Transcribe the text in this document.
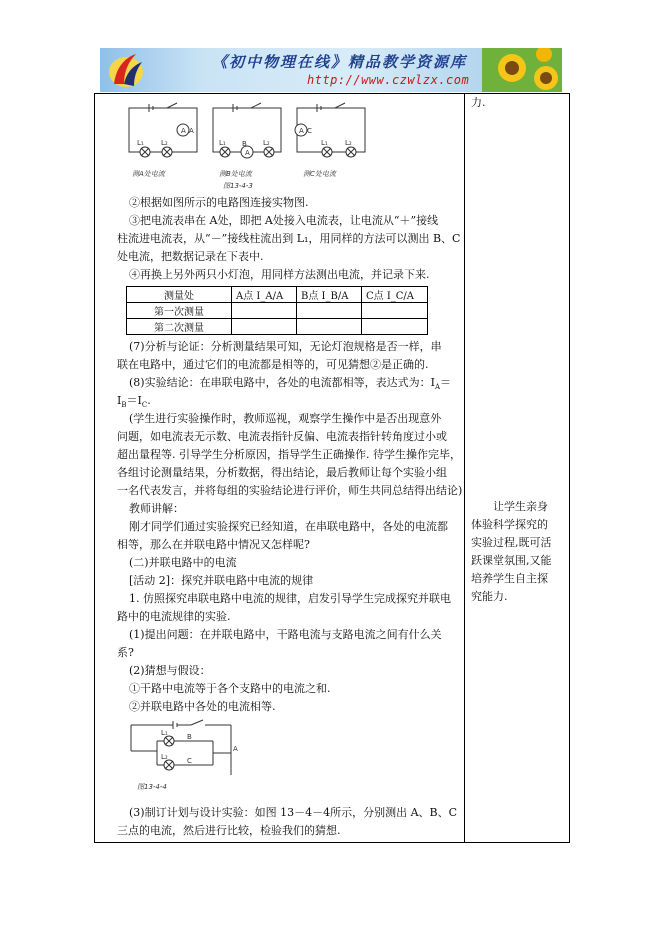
《初中物理在线》精品教学资源库
http://www.czwlzx.com
A
A
A
A
B
C
L₁ L₂	L₁	L₂	L₁ L₂
测A处电流	测B处电流	测C处电流
图13-4-3
②根据如图所示的电路图连接实物图.
③把电流表串在 A处，即把 A处接入电流表，让电流从“＋”接线
柱流进电流表，从“－”接线柱流出到 L₁，用同样的方法可以测出 B、C
处电流，把数据记录在下表中.
④再换上另外两只小灯泡，用同样方法测出电流，并记录下来.
测量处	A点 I_A/A	B点 I_B/A	C点 I_C/A
第一次测量			
第二次测量			
(7)分析与论证：分析测量结果可知，无论灯泡规格是否一样，串
联在电路中，通过它们的电流都是相等的，可见猜想②是正确的.
(8)实验结论：在串联电路中，各处的电流都相等，表达式为：$I_A=$
$I_B=I_C$.
(学生进行实验操作时，教师巡视，观察学生操作中是否出现意外
问题，如电流表无示数、电流表指针反偏、电流表指针转角度过小或
超出量程等. 引导学生分析原因，指导学生正确操作. 待学生操作完毕，
各组讨论测量结果，分析数据，得出结论，最后教师让每个实验小组
一名代表发言，并将每组的实验结论进行评价，师生共同总结得出结论)
教师讲解：
刚才同学们通过实验探究已经知道，在串联电路中，各处的电流都
相等，那么在并联电路中情况又怎样呢?
(二)并联电路中的电流
[活动 2]：探究并联电路中电流的规律
1. 仿照探究串联电路中电流的规律，启发引导学生完成探究并联电
路中的电流规律的实验.
(1)提出问题：在并联电路中，干路电流与支路电流之间有什么关
系?
(2)猜想与假设：
①干路中电流等于各个支路中的电流之和.
②并联电路中各处的电流相等.
L₁
L₂
B
C
A
图13-4-4
(3)制订计划与设计实验：如图 13－4－4所示，分别测出 A、B、C
三点的电流，然后进行比较，检验我们的猜想.
力.
让学生亲身
体验科学探究的
实验过程,既可活
跃课堂氛围,又能
培养学生自主探
究能力.
